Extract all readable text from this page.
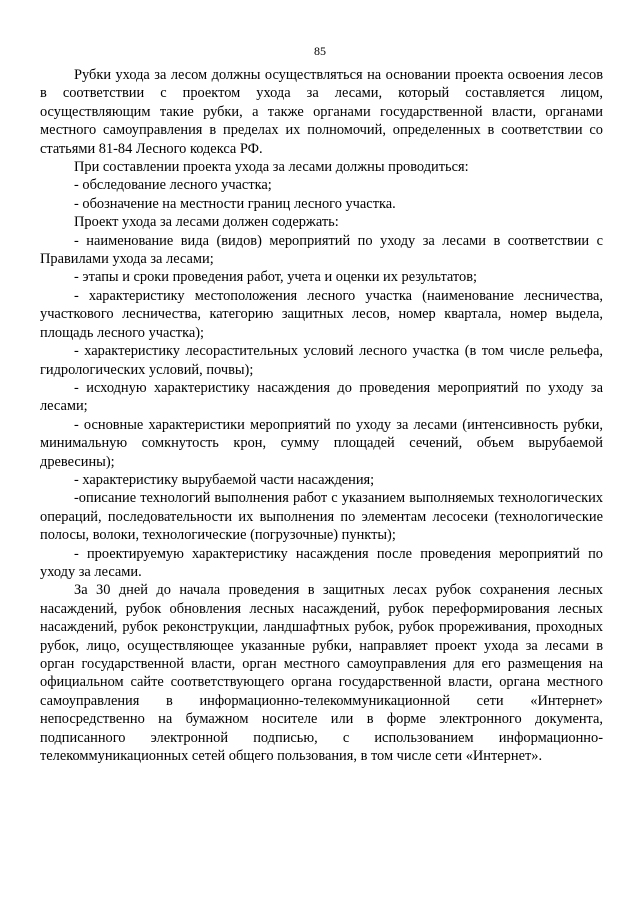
85

Рубки ухода за лесом должны осуществляться на основании проекта освоения лесов в соответствии с проектом ухода за лесами, который составляется лицом, осуществляющим такие рубки, а также органами государственной власти, органами местного самоуправления в пределах их полномочий, определенных в соответствии со статьями 81-84 Лесного кодекса РФ.

При составлении проекта ухода за лесами должны проводиться:

- обследование лесного участка;

- обозначение на местности границ лесного участка.

Проект ухода за лесами должен содержать:

- наименование вида (видов) мероприятий по уходу за лесами в соответствии с Правилами ухода за лесами;

- этапы и сроки проведения работ, учета и оценки их результатов;

- характеристику местоположения лесного участка (наименование лесничества, участкового лесничества, категорию защитных лесов, номер квартала, номер выдела, площадь лесного участка);

- характеристику лесорастительных условий лесного участка (в том числе рельефа, гидрологических условий, почвы);

- исходную характеристику насаждения до проведения мероприятий по уходу за лесами;

- основные характеристики мероприятий по уходу за лесами (интенсивность рубки, минимальную сомкнутость крон, сумму площадей сечений, объем вырубаемой древесины);

- характеристику вырубаемой части насаждения;

-описание технологий выполнения работ с указанием выполняемых технологических операций, последовательности их выполнения по элементам лесосеки (технологические полосы, волоки, технологические (погрузочные) пункты);

- проектируемую характеристику насаждения после проведения мероприятий по уходу за лесами.

За 30 дней до начала проведения в защитных лесах рубок сохранения лесных насаждений, рубок обновления лесных насаждений, рубок переформирования лесных насаждений, рубок реконструкции, ландшафтных рубок, рубок прореживания, проходных рубок, лицо, осуществляющее указанные рубки, направляет проект ухода за лесами в орган государственной власти, орган местного самоуправления для его размещения на официальном сайте соответствующего органа государственной власти, органа местного самоуправления в информационно-телекоммуникационной сети «Интернет» непосредственно на бумажном носителе или в форме электронного документа, подписанного электронной подписью, с использованием информационно-телекоммуникационных сетей общего пользования, в том числе сети «Интернет».
